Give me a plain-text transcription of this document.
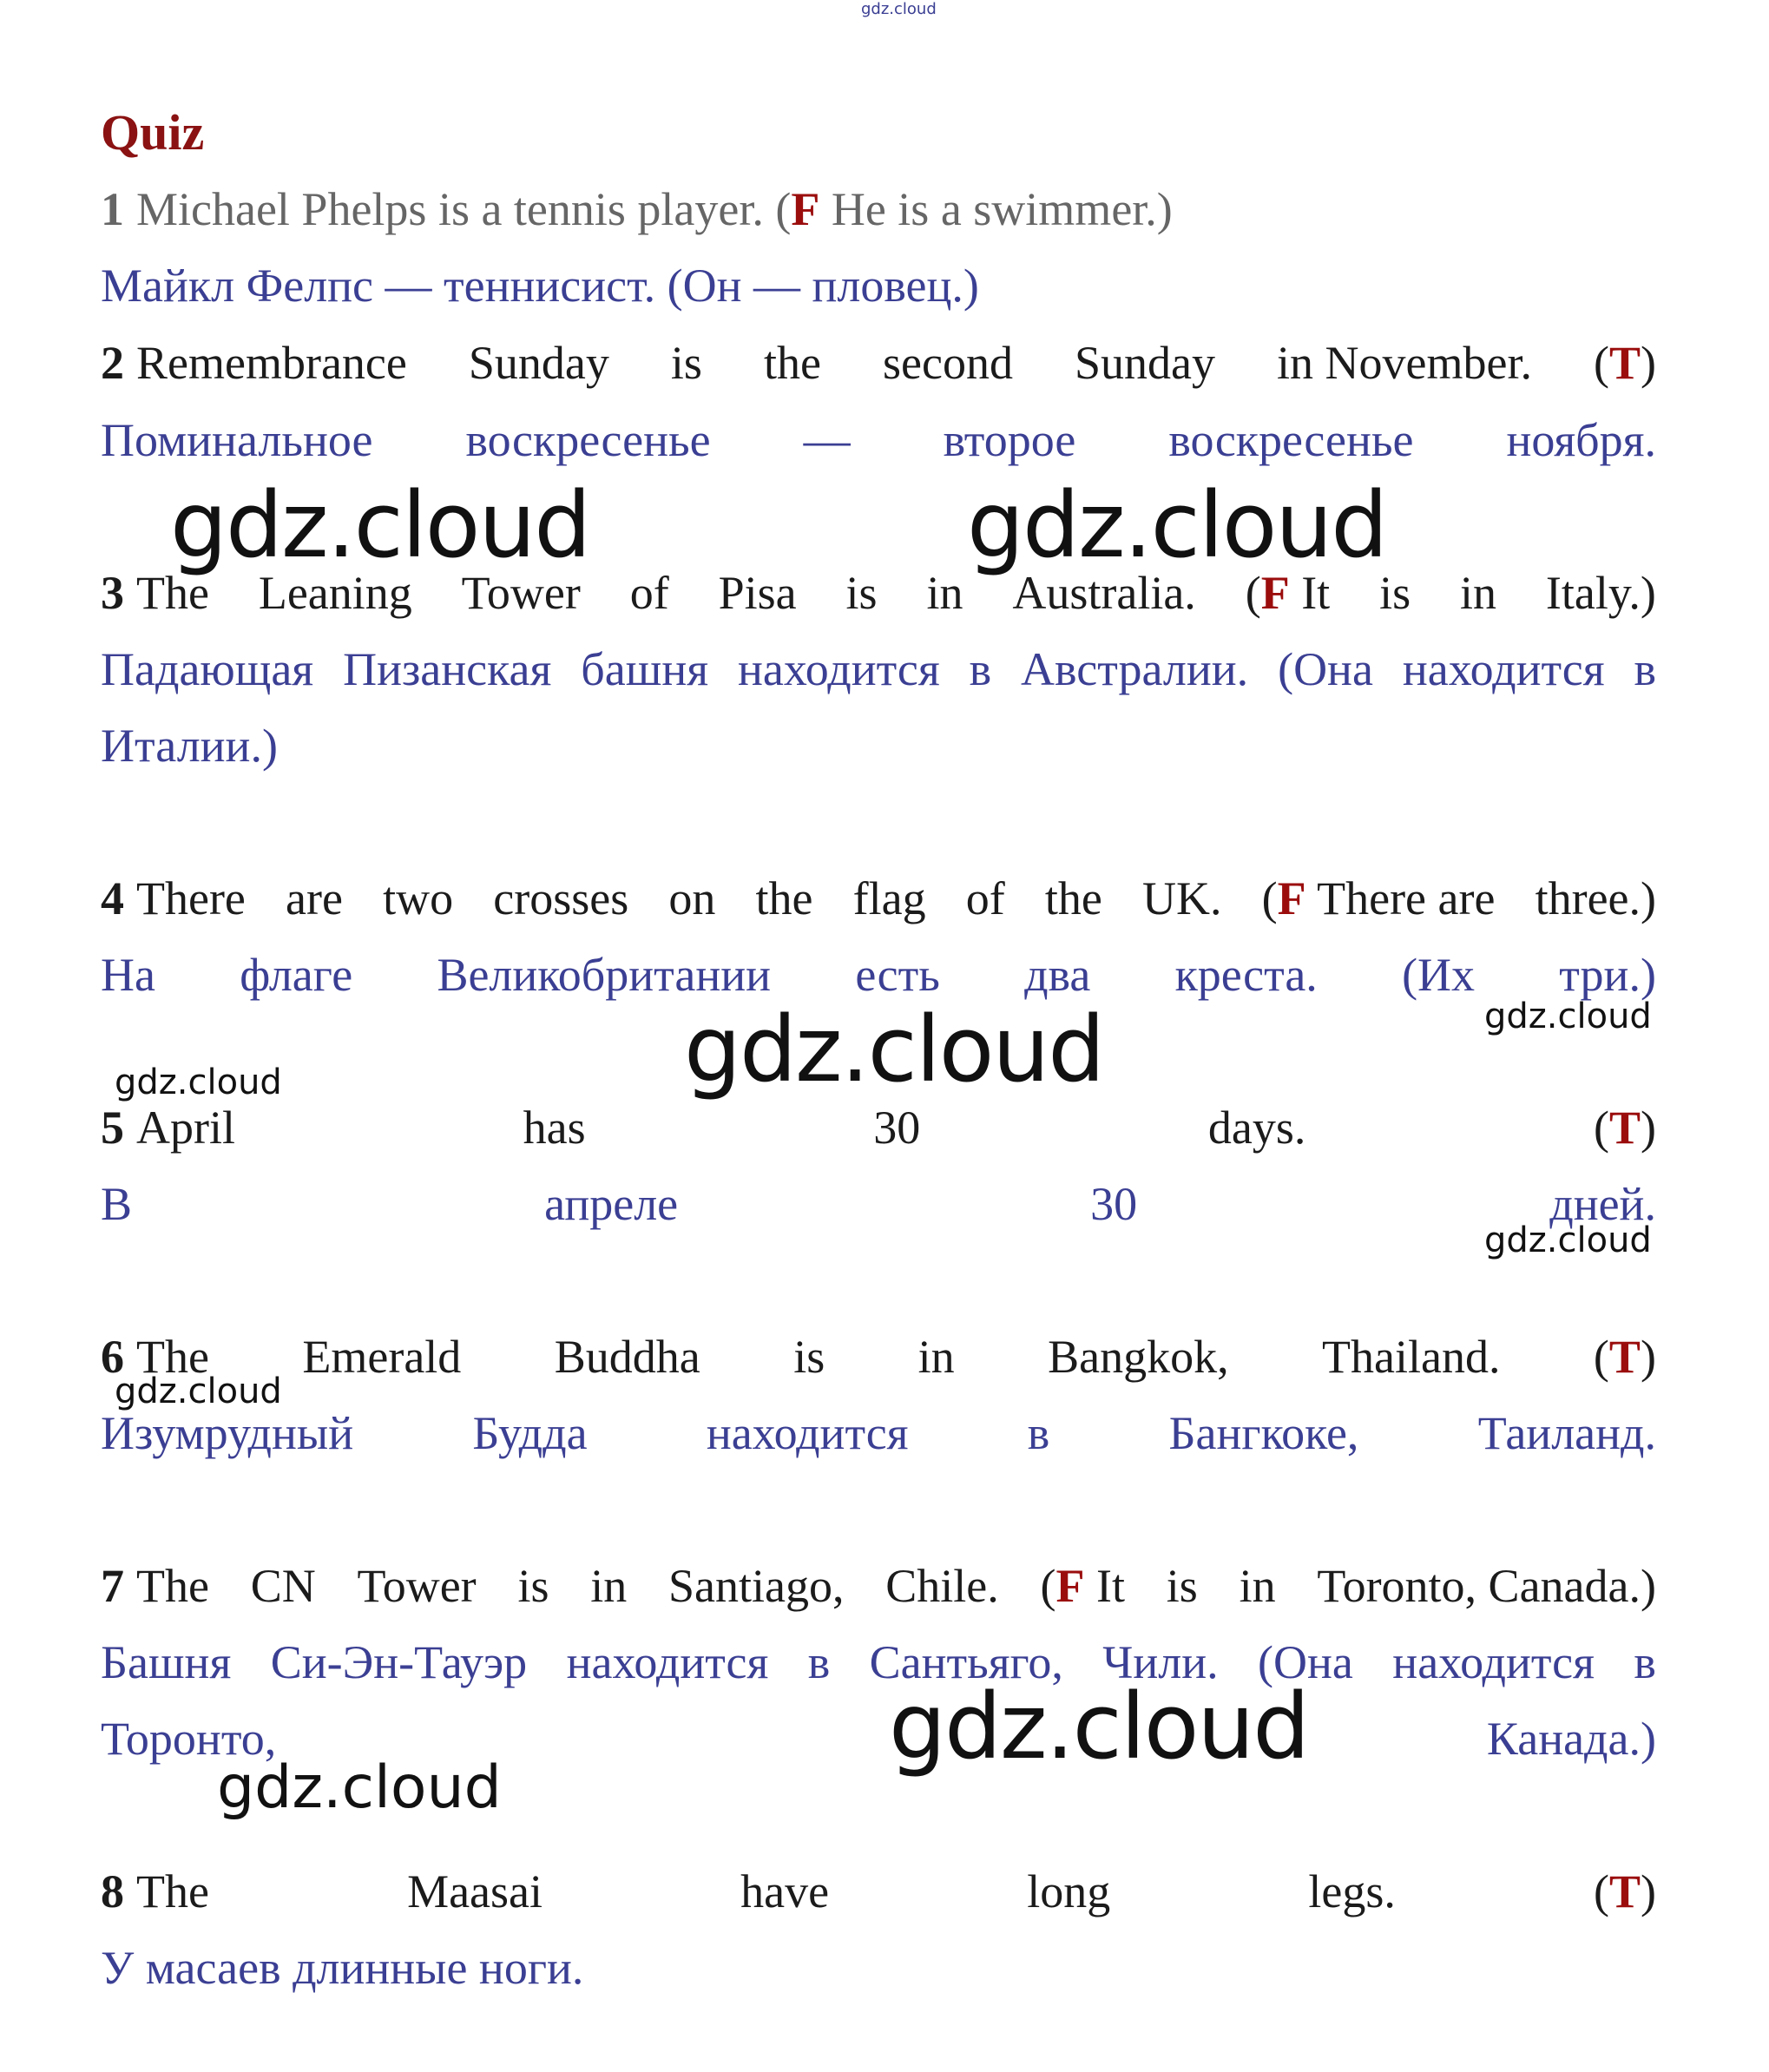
gdz.cloud
Quiz
1 Michael Phelps is a tennis player. (F He is a swimmer.)
Майкл Фелпс — теннисист. (Он — пловец.)
2 Remembrance Sunday is the second Sunday in November. (T)
Поминальное воскресенье — второе воскресенье ноября.
3 The Leaning Tower of Pisa is in Australia. (F It is in Italy.)
Падающая Пизанская башня находится в Австралии. (Она находится в
Италии.)
4 There are two crosses on the flag of the UK. (F There are three.)
На флаге Великобритании есть два креста. (Их три.)
5 April	has	30	days.	(T)
В	апреле	30	дней.
6 The Emerald Buddha is in Bangkok, Thailand. (T)
Изумрудный	Будда	находится	в	Бангкоке,	Таиланд.
7 The CN Tower is in Santiago, Chile. (F It is in Toronto, Canada.)
Башня Си-Эн-Тауэр находится в Сантьяго, Чили. (Она находится в
Торонто,	Канада.)
8 The	Maasai	have	long	legs.	(T)
У масаев длинные ноги.
gdz.cloud	gdz.cloud
gdz.cloud
gdz.cloud
gdz.cloud
gdz.cloud
gdz.cloud
gdz.cloud
gdz.cloud
